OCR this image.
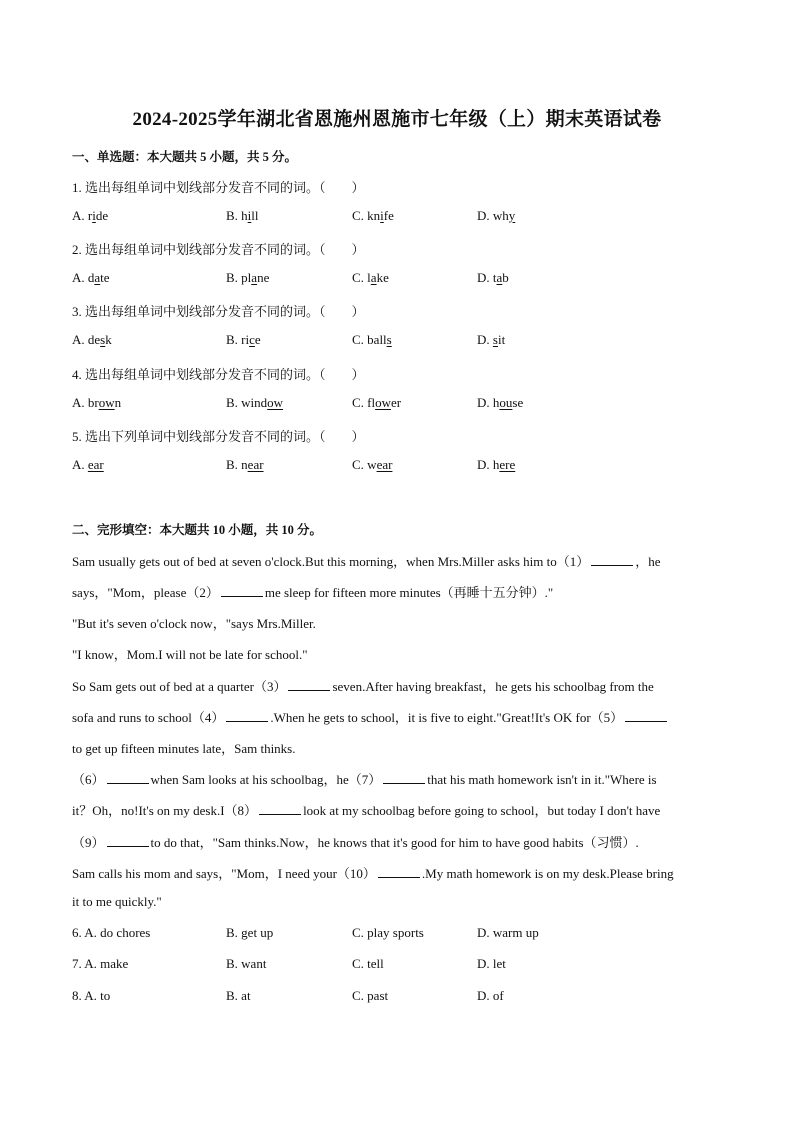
2024-2025学年湖北省恩施州恩施市七年级（上）期末英语试卷
一、单选题：本大题共 5 小题，共 5 分。
1. 选出每组单词中划线部分发音不同的词。（　　）
A. ride	B. hill	C. knife	D. why
2. 选出每组单词中划线部分发音不同的词。（　　）
A. date	B. plane	C. lake	D. tab
3. 选出每组单词中划线部分发音不同的词。（　　）
A. desk	B. rice	C. balls	D. sit
4. 选出每组单词中划线部分发音不同的词。（　　）
A. brown	B. window	C. flower	D. house
5. 选出下列单词中划线部分发音不同的词。（　　）
A. ear	B. near	C. wear	D. here
二、完形填空：本大题共 10 小题，共 10 分。
Sam usually gets out of bed at seven o'clock.But this morning，when Mrs.Miller asks him to（1）	，he
says，"Mom，please（2）	me sleep for fifteen more minutes（再睡十五分钟）."
"But it's seven o'clock now，"says Mrs.Miller.
"I know，Mom.I will not be late for school."
So Sam gets out of bed at a quarter（3）	seven.After having breakfast，he gets his schoolbag from the
sofa and runs to school（4）	.When he gets to school，it is five to eight."Great!It's OK for（5）
to get up fifteen minutes late，Sam thinks.
（6）	when Sam looks at his schoolbag，he（7）	that his math homework isn't in it."Where is
it？Oh，no!It's on my desk.I（8）	look at my schoolbag before going to school，but today I don't have
（9）	to do that，"Sam thinks.Now，he knows that it's good for him to have good habits（习惯）.
Sam calls his mom and says，"Mom，I need your（10）	.My math homework is on my desk.Please bring
it to me quickly."
6. A. do chores	B. get up	C. play sports	D. warm up
7. A. make	B. want	C. tell	D. let
8. A. to	B. at	C. past	D. of
